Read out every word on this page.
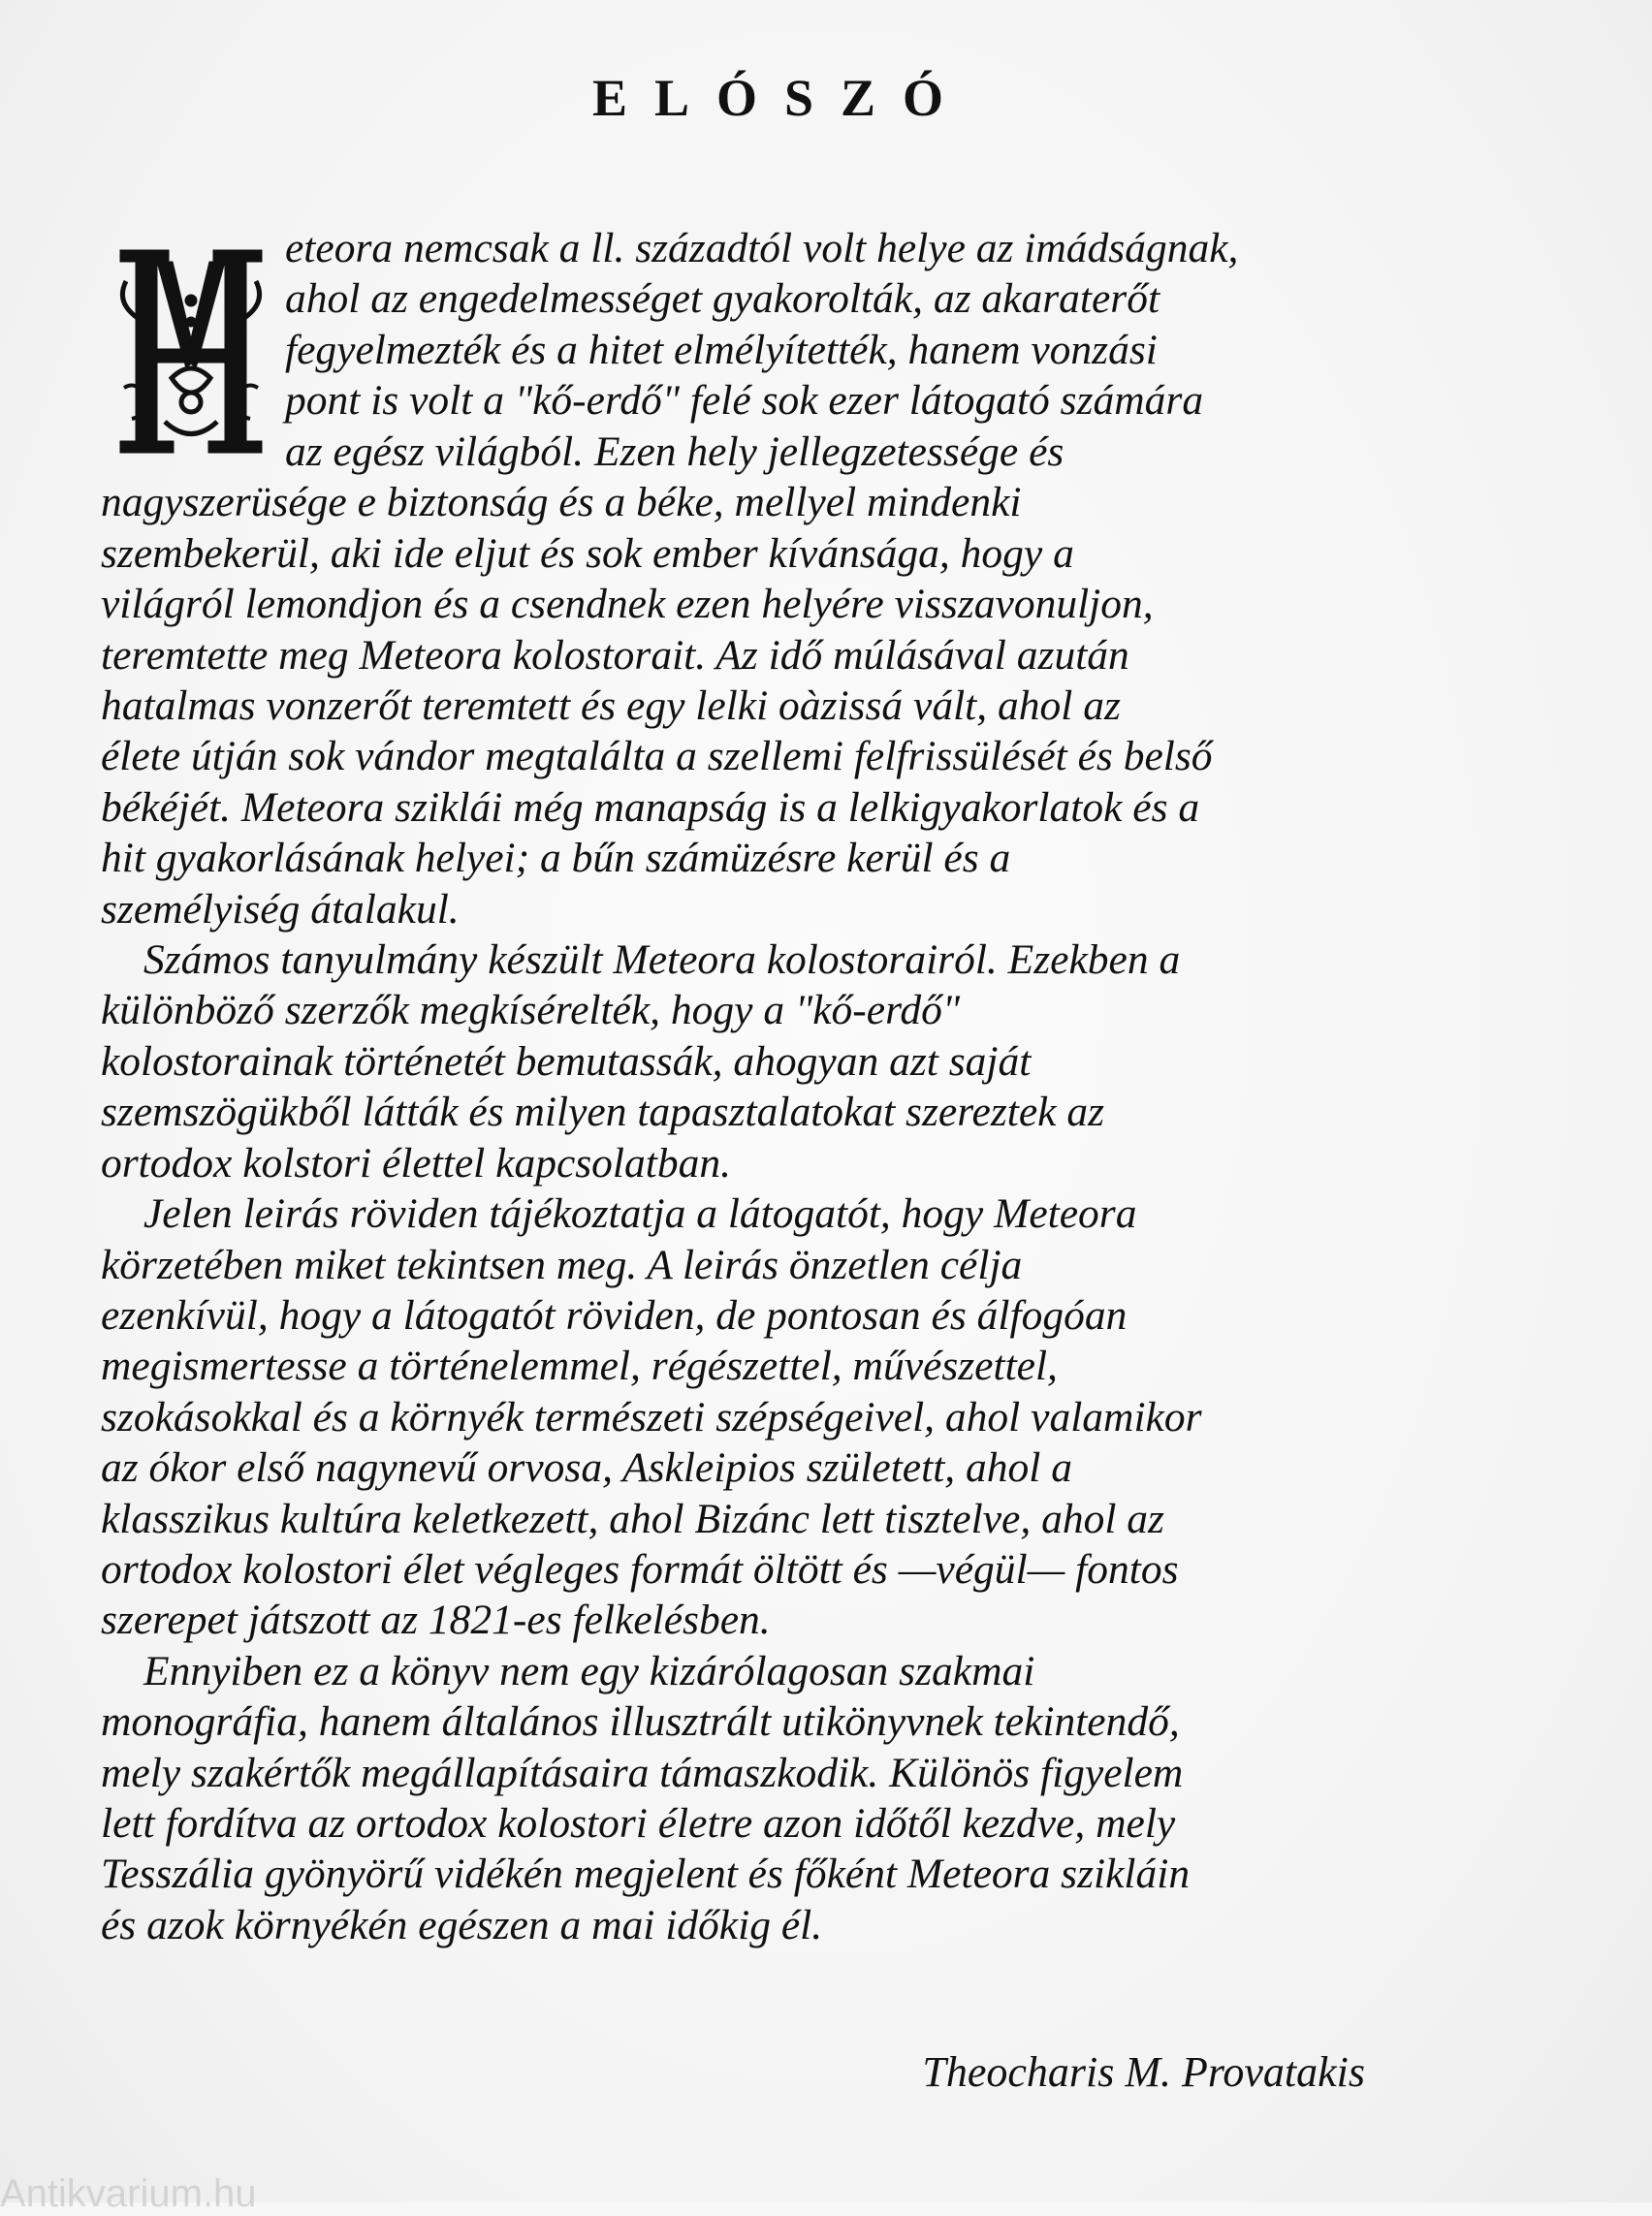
ELÓSZÓ
eteora nemcsak a ll. századtól volt helye az imádságnak,
ahol az engedelmességet gyakorolták, az akaraterőt
fegyelmezték és a hitet elmélyítették, hanem vonzási
pont is volt a "kő-erdő" felé sok ezer látogató számára
az egész világból. Ezen hely jellegzetessége és
nagyszerüsége e biztonság és a béke, mellyel mindenki
szembekerül, aki ide eljut és sok ember kívánsága, hogy a
világról lemondjon és a csendnek ezen helyére visszavonuljon,
teremtette meg Meteora kolostorait. Az idő múlásával azután
hatalmas vonzerőt teremtett és egy lelki oàzissá vált, ahol az
élete útján sok vándor megtalálta a szellemi felfrissülését és belső
békéjét. Meteora sziklái még manapság is a lelkigyakorlatok és a
hit gyakorlásának helyei; a bűn számüzésre kerül és a
személyiség átalakul.
Számos tanyulmány készült Meteora kolostorairól. Ezekben a
különböző szerzők megkísérelték, hogy a "kő-erdő"
kolostorainak történetét bemutassák, ahogyan azt saját
szemszögükből látták és milyen tapasztalatokat szereztek az
ortodox kolstori élettel kapcsolatban.
Jelen leirás röviden tájékoztatja a látogatót, hogy Meteora
körzetében miket tekintsen meg. A leirás önzetlen célja
ezenkívül, hogy a látogatót röviden, de pontosan és álfogóan
megismertesse a történelemmel, régészettel, művészettel,
szokásokkal és a környék természeti szépségeivel, ahol valamikor
az ókor első nagynevű orvosa, Askleipios született, ahol a
klasszikus kultúra keletkezett, ahol Bizánc lett tisztelve, ahol az
ortodox kolostori élet végleges formát öltött és —végül— fontos
szerepet játszott az 1821-es felkelésben.
Ennyiben ez a könyv nem egy kizárólagosan szakmai
monográfia, hanem általános illusztrált utikönyvnek tekintendő,
mely szakértők megállapításaira támaszkodik. Különös figyelem
lett fordítva az ortodox kolostori életre azon időtől kezdve, mely
Tesszália gyönyörű vidékén megjelent és főként Meteora szikláin
és azok környékén egészen a mai időkig él.
Theocharis M. Provatakis
Antikvarium.hu
